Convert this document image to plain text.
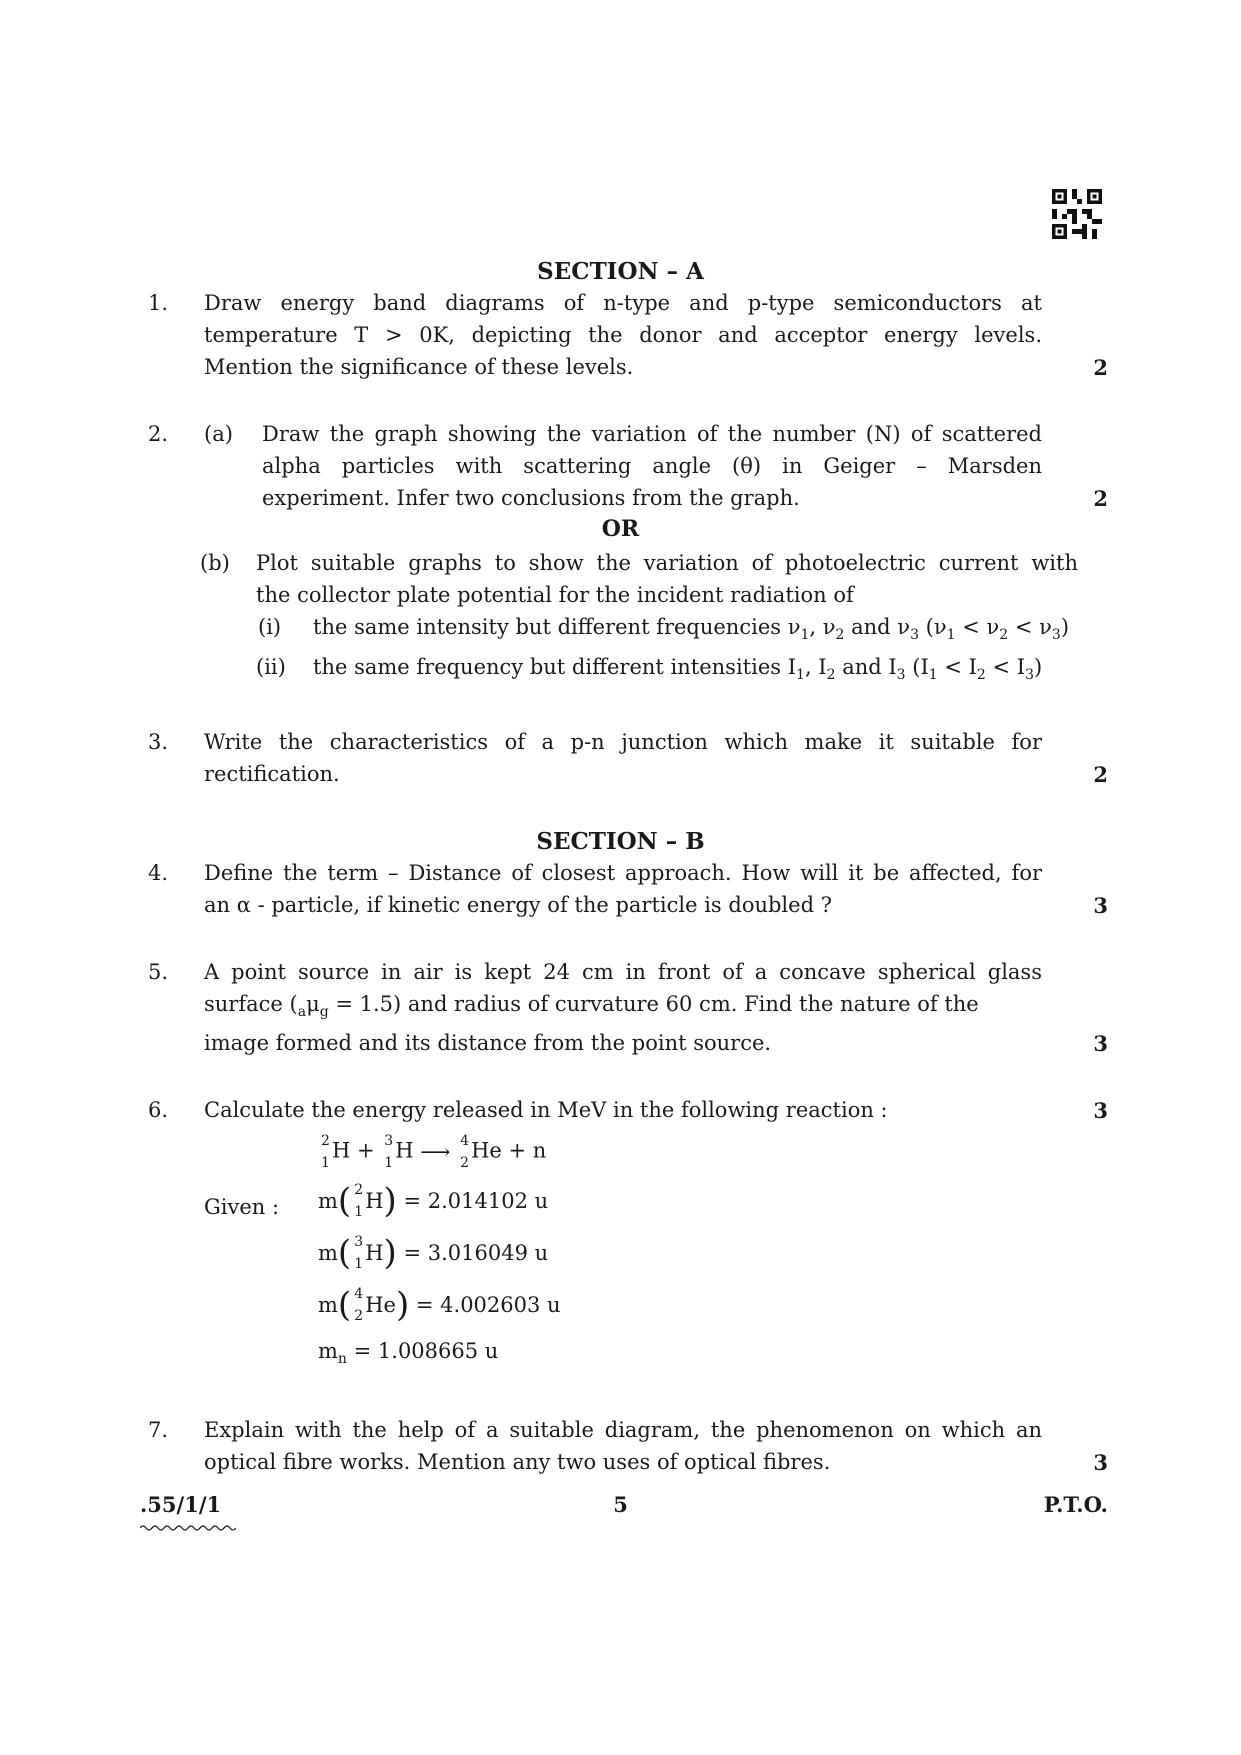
SECTION – A
1.	Draw energy band diagrams of n-type and p-type semiconductors at
temperature T > 0K, depicting the donor and acceptor energy levels.
Mention the significance of these levels.	2
2.	(a) Draw the graph showing the variation of the number (N) of scattered
alpha particles with scattering angle (θ) in Geiger – Marsden
experiment. Infer two conclusions from the graph.	2
OR
(b) Plot suitable graphs to show the variation of photoelectric current with
the collector plate potential for the incident radiation of
(i) the same intensity but different frequencies $\nu_1$, $\nu_2$ and $\nu_3$ $(\nu_1 < \nu_2 < \nu_3)$
(ii) the same frequency but different intensities $I_1$, $I_2$ and $I_3$ $(I_1 < I_2 < I_3)$
3.	Write the characteristics of a p-n junction which make it suitable for
rectification.	2
SECTION – B
4.	Define the term – Distance of closest approach. How will it be affected, for
an α - particle, if kinetic energy of the particle is doubled ?	3
5.	A point source in air is kept 24 cm in front of a concave spherical glass
surface $(_a\mu_g = 1.5)$ and radius of curvature 60 cm. Find the nature of the
image formed and its distance from the point source.	3
6.	Calculate the energy released in MeV in the following reaction :	3
2
1
H + 3
1
H ⟶ 4
2
He + n
Given : m( 2
1 H) = 2.014102 u
m( 3
1 H) = 3.016049 u
m( 4
2 He) = 4.002603 u
$m_n = 1.008665$ u
7.	Explain with the help of a suitable diagram, the phenomenon on which an
optical fibre works. Mention any two uses of optical fibres.	3
.55/1/1	5	P.T.O.
